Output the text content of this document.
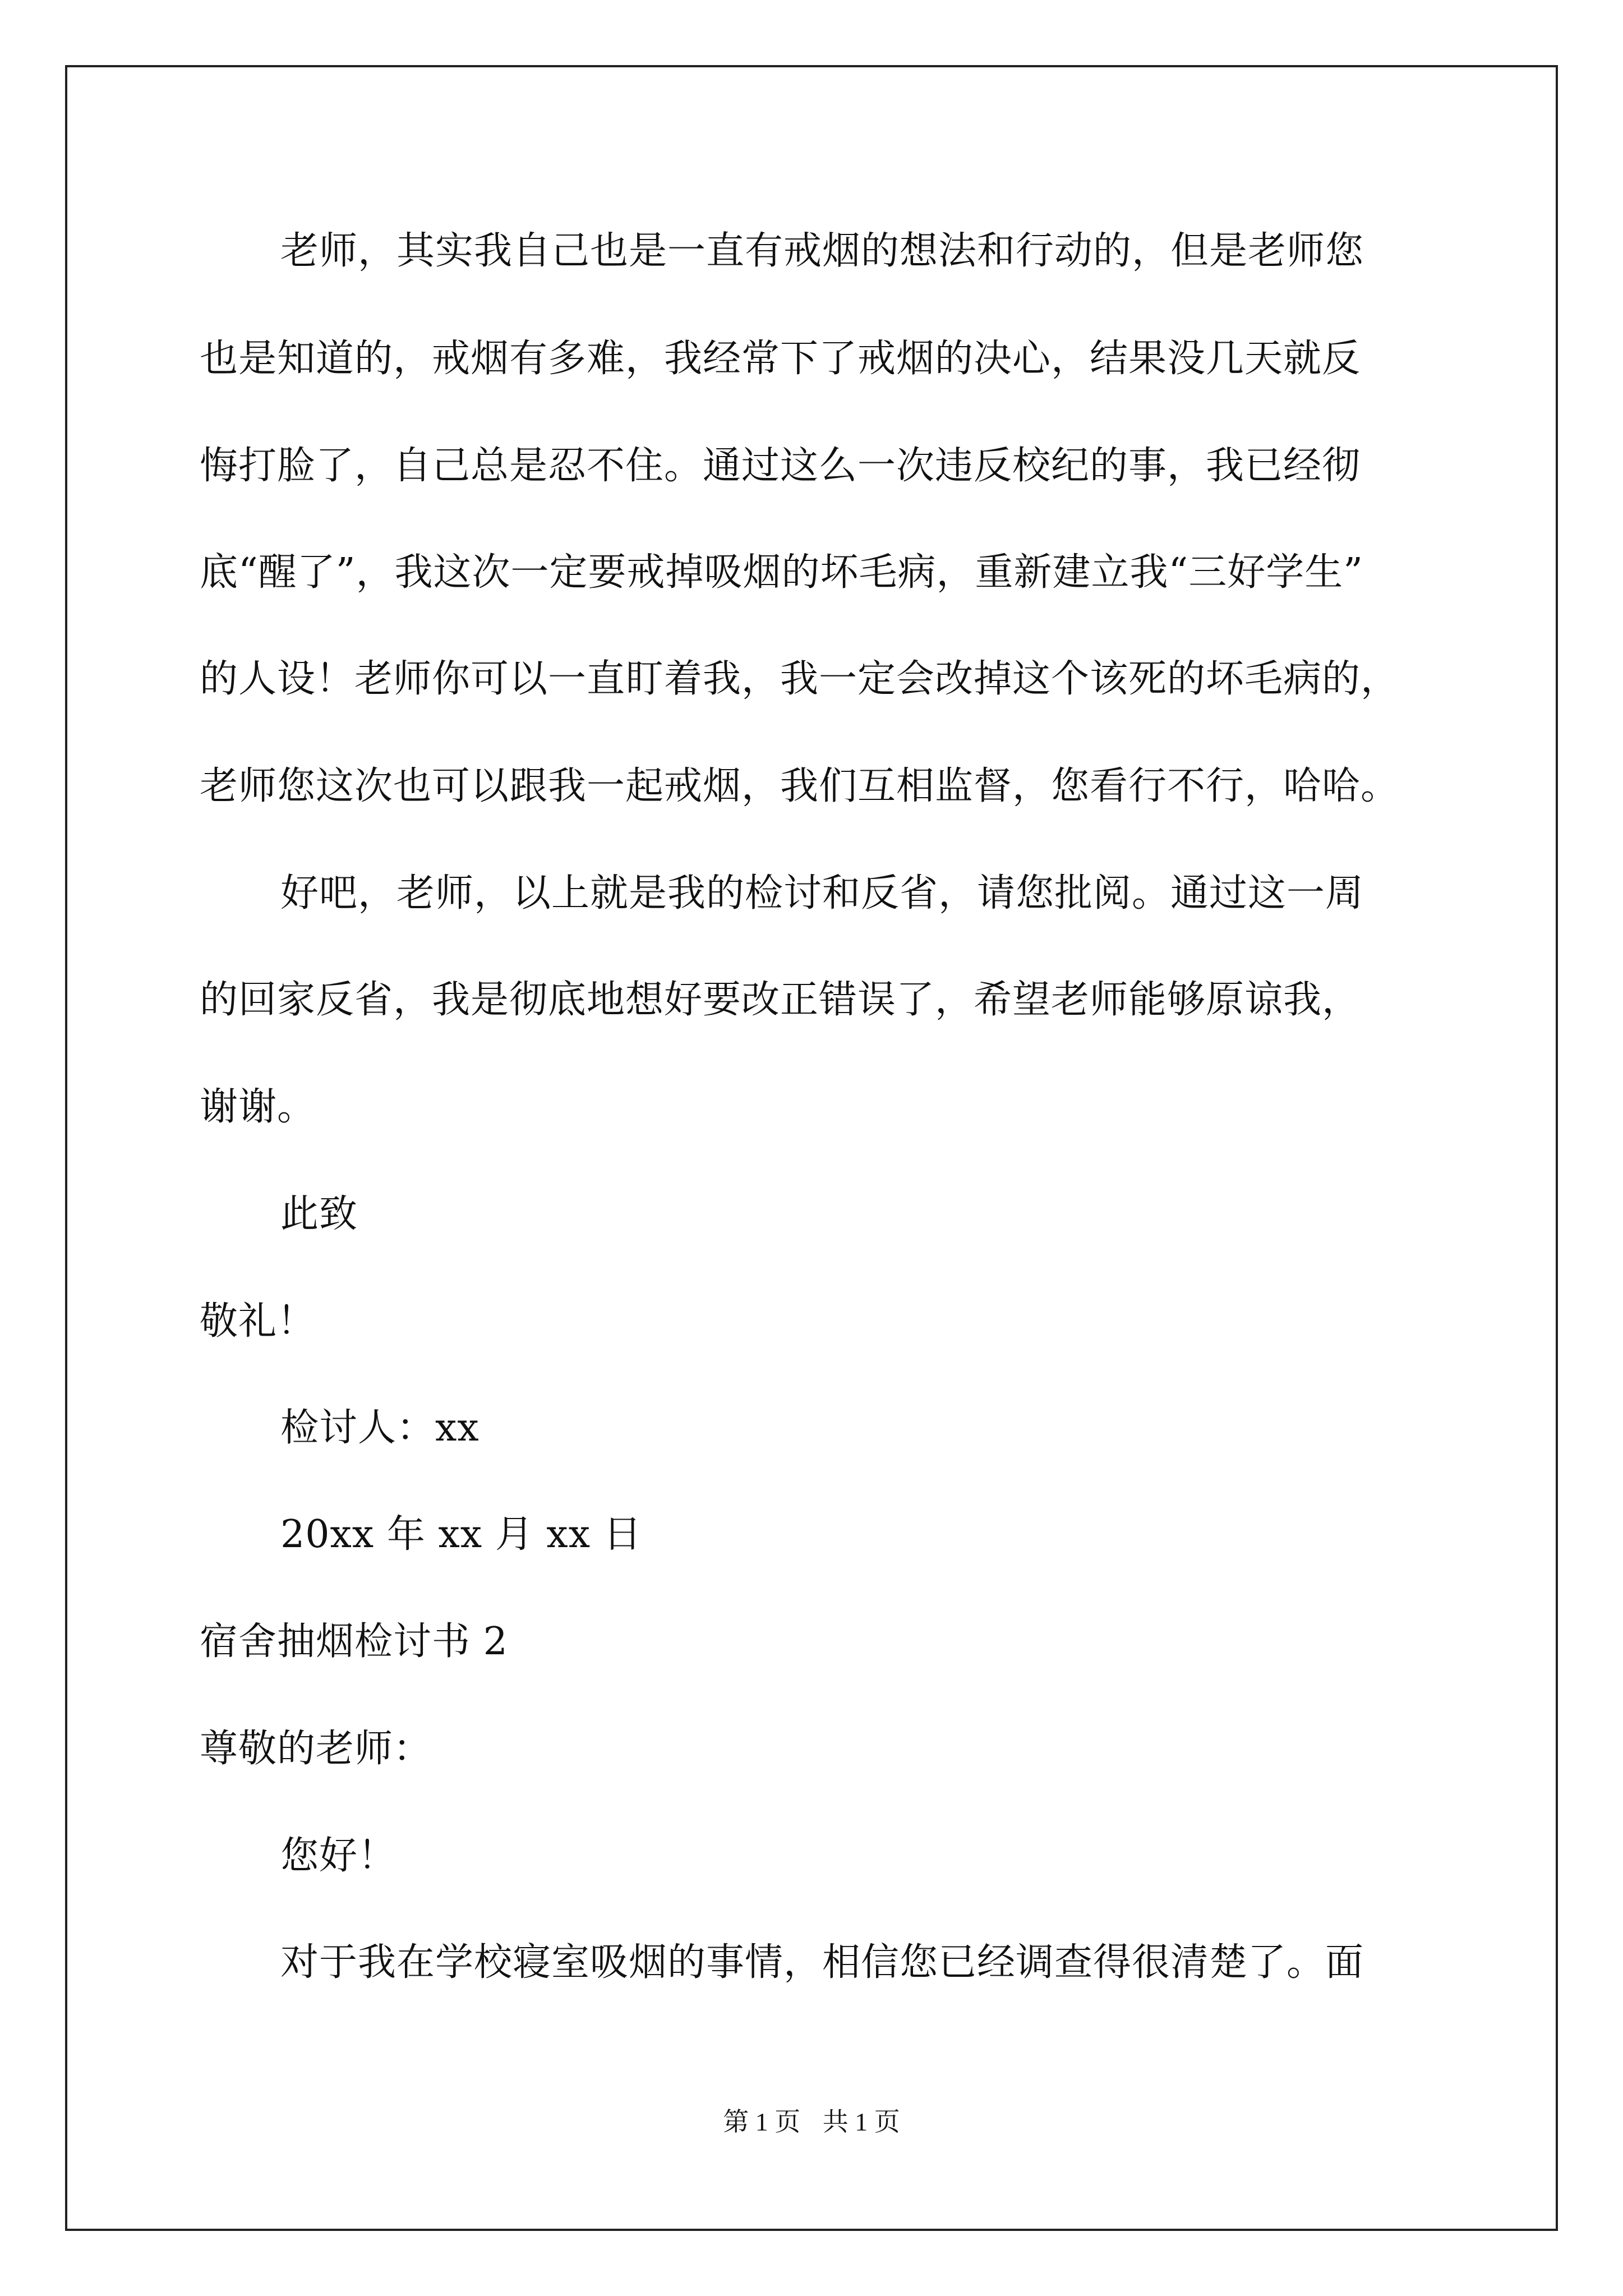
老师，其实我自己也是一直有戒烟的想法和行动的，但是老师您
也是知道的，戒烟有多难，我经常下了戒烟的决心，结果没几天就反
悔打脸了，自己总是忍不住。通过这么一次违反校纪的事，我已经彻
底“醒了”，我这次一定要戒掉吸烟的坏毛病，重新建立我“三好学生”
的人设！老师你可以一直盯着我，我一定会改掉这个该死的坏毛病的，
老师您这次也可以跟我一起戒烟，我们互相监督，您看行不行，哈哈。
好吧，老师，以上就是我的检讨和反省，请您批阅。通过这一周
的回家反省，我是彻底地想好要改正错误了，希望老师能够原谅我，
谢谢。
此致
敬礼！
检讨人：xx
20xx 年 xx 月 xx 日
宿舍抽烟检讨书 2
尊敬的老师：
您好！
对于我在学校寝室吸烟的事情，相信您已经调查得很清楚了。面
第 1 页 共 1 页
